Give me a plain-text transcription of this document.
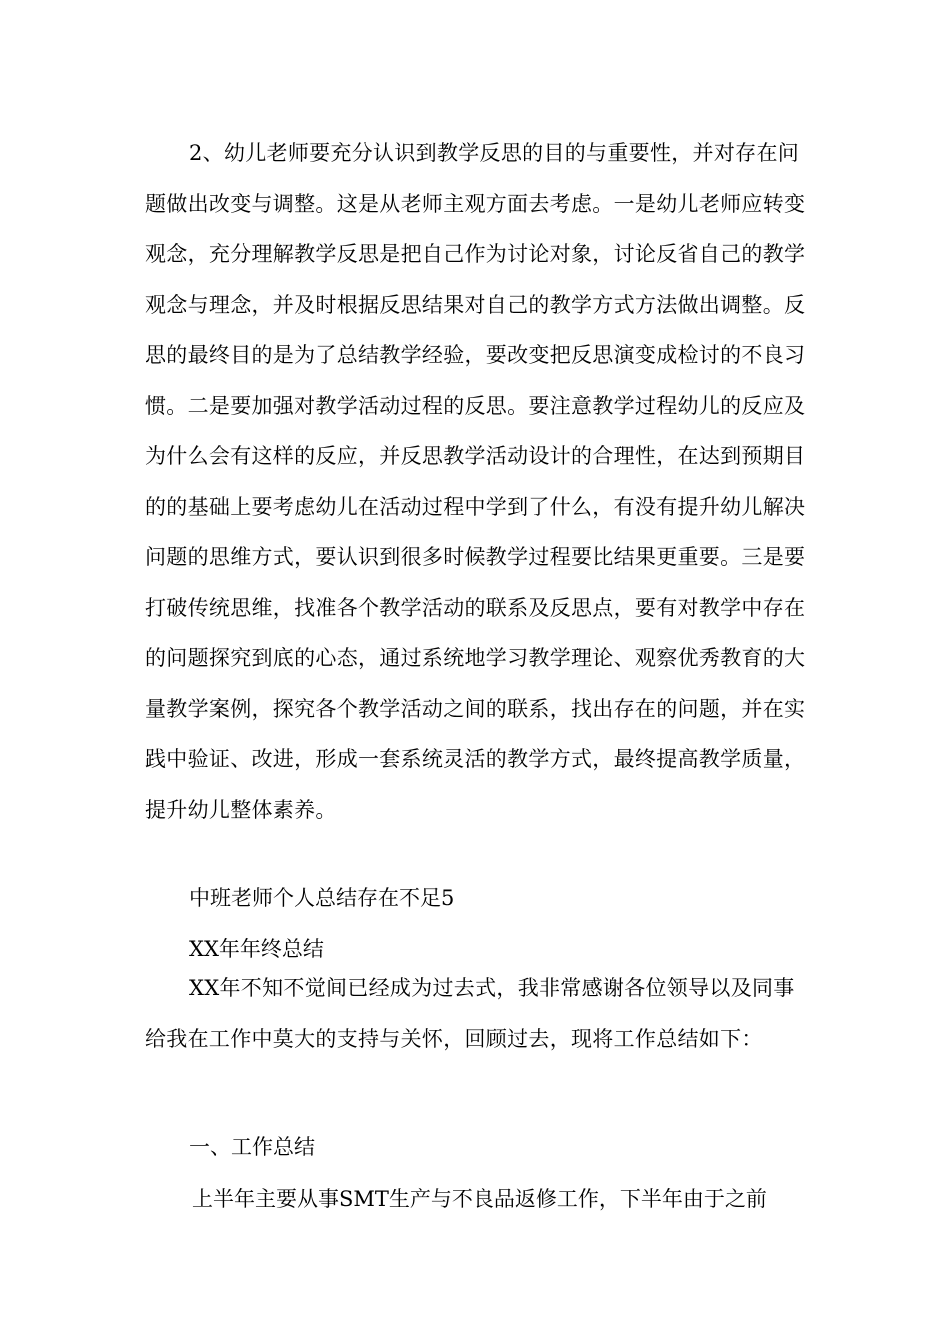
2、幼儿老师要充分认识到教学反思的目的与重要性，并对存在问题做出改变与调整。这是从老师主观方面去考虑。一是幼儿老师应转变观念，充分理解教学反思是把自己作为讨论对象，讨论反省自己的教学观念与理念，并及时根据反思结果对自己的教学方式方法做出调整。反思的最终目的是为了总结教学经验，要改变把反思演变成检讨的不良习惯。二是要加强对教学活动过程的反思。要注意教学过程幼儿的反应及为什么会有这样的反应，并反思教学活动设计的合理性，在达到预期目的的基础上要考虑幼儿在活动过程中学到了什么，有没有提升幼儿解决问题的思维方式，要认识到很多时候教学过程要比结果更重要。三是要打破传统思维，找准各个教学活动的联系及反思点，要有对教学中存在的问题探究到底的心态，通过系统地学习教学理论、观察优秀教育的大量教学案例，探究各个教学活动之间的联系，找出存在的问题，并在实践中验证、改进，形成一套系统灵活的教学方式，最终提高教学质量，提升幼儿整体素养。

中班老师个人总结存在不足5
XX年年终总结

XX年不知不觉间已经成为过去式，我非常感谢各位领导以及同事给我在工作中莫大的支持与关怀，回顾过去，现将工作总结如下：

一、工作总结
上半年主要从事SMT生产与不良品返修工作，下半年由于之前
